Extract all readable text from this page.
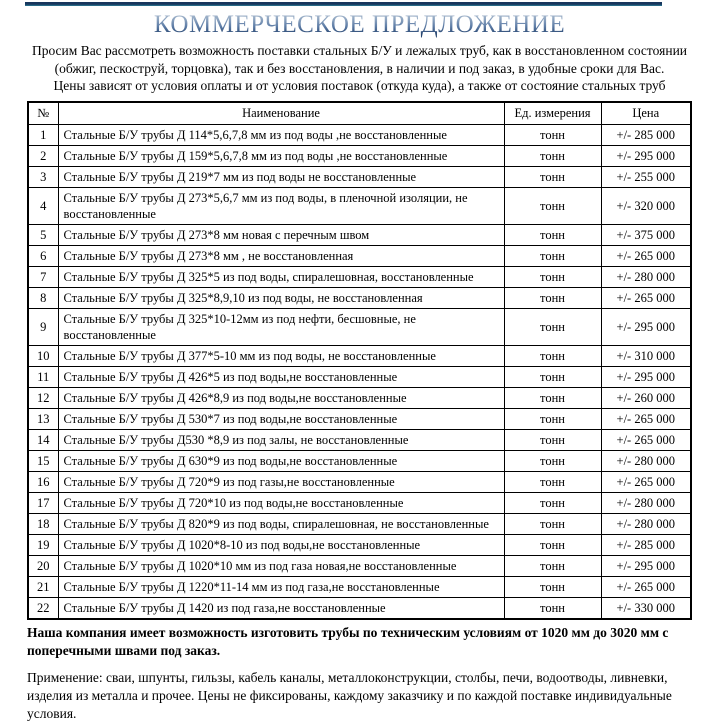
КОММЕРЧЕСКОЕ ПРЕДЛОЖЕНИЕ
Просим Вас рассмотреть возможность поставки стальных Б/У и лежалых труб, как в восстановленном состоянии
(обжиг, пескоструй, торцовка), так и без восстановления, в наличии и под заказ, в удобные сроки для Вас.
Цены зависят от условия оплаты и от условия поставок (откуда куда), а также от состояние стальных труб
№	Наименование	Ед. измерения	Цена
1	Стальные Б/У трубы Д 114*5,6,7,8 мм из под воды ,не восстановленные	тонн	+/- 285 000
2	Стальные Б/У трубы Д 159*5,6,7,8 мм из под воды ,не восстановленные	тонн	+/- 295 000
3	Стальные Б/У трубы Д 219*7 мм из под воды не восстановленные	тонн	+/- 255 000
4	Стальные Б/У трубы Д 273*5,6,7 мм из под воды, в пленочной изоляции, не восстановленные	тонн	+/- 320 000
5	Стальные Б/У трубы Д 273*8 мм новая с перечным швом	тонн	+/- 375 000
6	Стальные Б/У трубы Д 273*8 мм , не восстановленная	тонн	+/- 265 000
7	Стальные Б/У трубы Д 325*5 из под воды, спиралешовная, восстановленные	тонн	+/- 280 000
8	Стальные Б/У трубы Д 325*8,9,10 из под воды, не восстановленная	тонн	+/- 265 000
9	Стальные Б/У трубы Д 325*10-12мм из под нефти, бесшовные, не восстановленные	тонн	+/- 295 000
10	Стальные Б/У трубы Д 377*5-10 мм из под воды, не восстановленные	тонн	+/- 310 000
11	Стальные Б/У трубы Д 426*5 из под воды,не восстановленные	тонн	+/- 295 000
12	Стальные Б/У трубы Д 426*8,9 из под воды,не восстановленные	тонн	+/- 260 000
13	Стальные Б/У трубы Д 530*7 из под воды,не восстановленные	тонн	+/- 265 000
14	Стальные Б/У трубы Д530 *8,9 из под залы, не восстановленные	тонн	+/- 265 000
15	Стальные Б/У трубы Д 630*9 из под воды,не восстановленные	тонн	+/- 280 000
16	Стальные Б/У трубы Д 720*9 из под газы,не восстановленные	тонн	+/- 265 000
17	Стальные Б/У трубы Д 720*10 из под воды,не восстановленные	тонн	+/- 280 000
18	Стальные Б/У трубы Д 820*9 из под воды, спиралешовная, не восстановленные	тонн	+/- 280 000
19	Стальные Б/У трубы Д 1020*8-10 из под воды,не восстановленные	тонн	+/- 285 000
20	Стальные Б/У трубы Д 1020*10 мм из под газа новая,не восстановленные	тонн	+/- 295 000
21	Стальные Б/У трубы Д 1220*11-14 мм из под газа,не восстановленные	тонн	+/- 265 000
22	Стальные Б/У трубы Д 1420 из под газа,не восстановленные	тонн	+/- 330 000

Наша компания имеет возможность изготовить трубы по техническим условиям от 1020 мм до 3020 мм с поперечными швами под заказ.

Применение: сваи, шпунты, гильзы, кабель каналы, металлоконструкции, столбы, печи, водоотводы, ливневки, изделия из металла и прочее. Цены не фиксированы, каждому заказчику и по каждой поставке индивидуальные условия.
